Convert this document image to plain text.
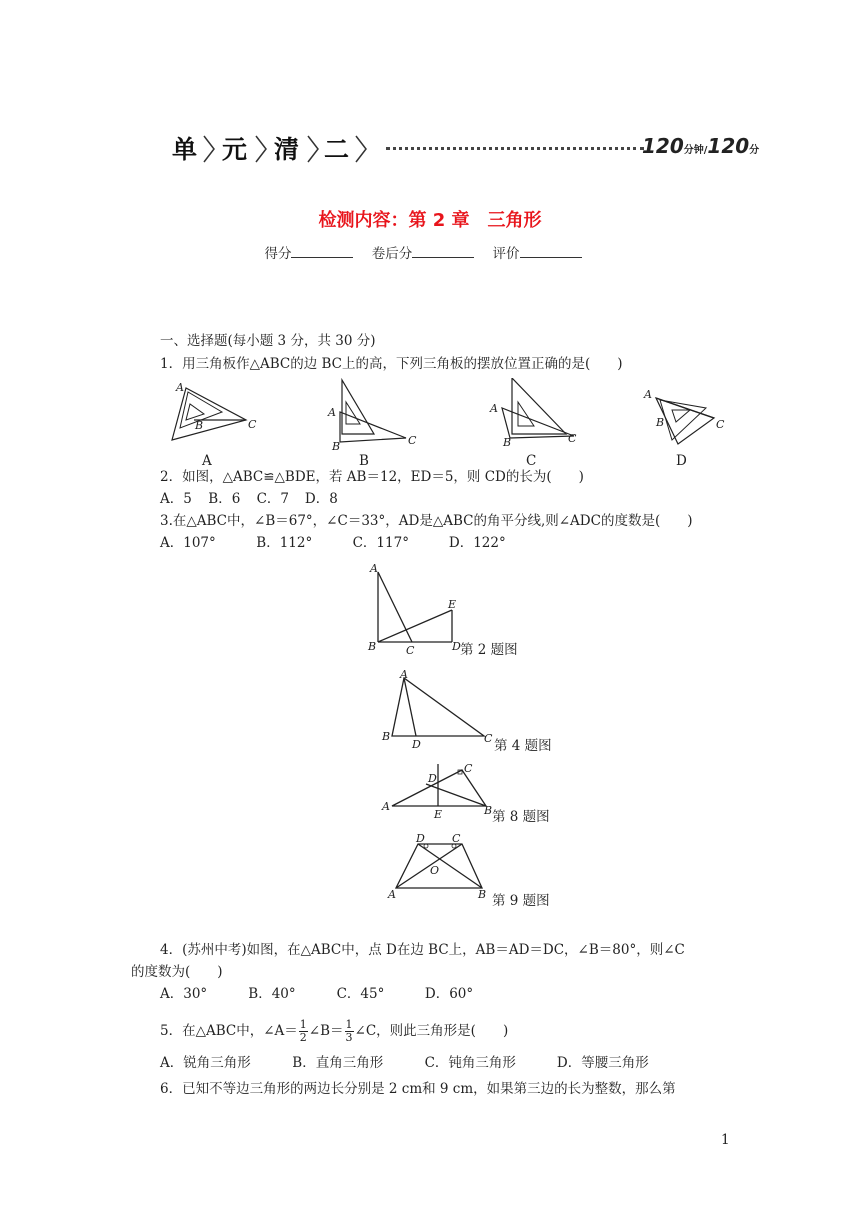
单 元 清 二	120分钟/120分
检测内容：第 2 章　三角形
得分	卷后分	评价
一、选择题(每小题 3 分，共 30 分)
1．用三角板作△ABC的边 BC上的高，下列三角板的摆放位置正确的是(　　)
A
B	C
A
B	C
A
B	C
A
B	C
A	B	C	D
2．如图，△ABC≌△BDE，若 AB＝12，ED＝5，则 CD的长为(　　)
A．5 B．6 C．7 D．8
3.在△ABC中，∠B＝67°，∠C＝33°，AD是△ABC的角平分线,则∠ADC的度数是(　　)
A．107°	B．112°	C．117°	D．122°
A
E
B	C	D 第 2 题图
A
B
D	C 第 4 题图
D
C
A
E	B 第 8 题图
D C
O
A	B 第 9 题图
4．(苏州中考)如图，在△ABC中，点 D在边 BC上，AB＝AD＝DC，∠B＝80°，则∠C
的度数为(　　)
A．30°	B．40°	C．45°	D．60°
5．在△ABC中，∠A＝ $\frac{1}{2}$ ∠B＝ $\frac{1}{3}$ ∠C，则此三角形是(　　)
A．锐角三角形	B．直角三角形	C．钝角三角形	D．等腰三角形
6．已知不等边三角形的两边长分别是 2 cm和 9 cm，如果第三边的长为整数，那么第
1
